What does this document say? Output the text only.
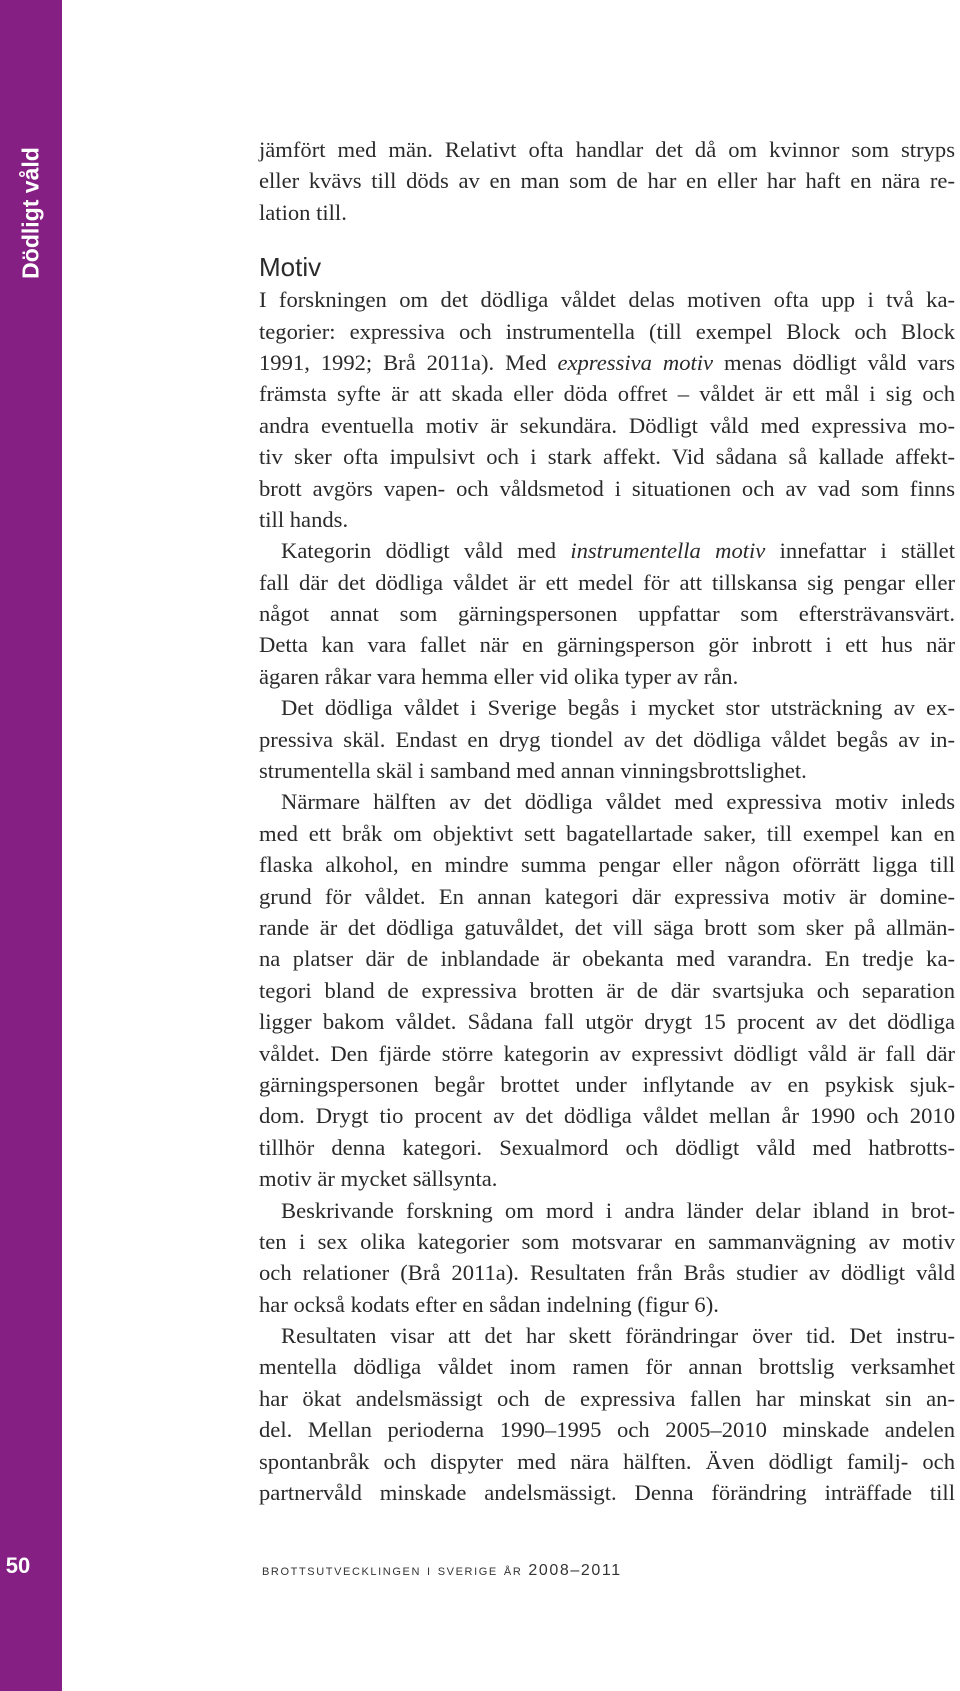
Dödligt våld
50
jämfört med män. Relativt ofta handlar det då om kvinnor som stryps
eller kvävs till döds av en man som de har en eller har haft en nära re-
lation till.
Motiv
I forskningen om det dödliga våldet delas motiven ofta upp i två ka-
tegorier: expressiva och instrumentella (till exempel Block och Block
1991, 1992; Brå 2011a). Med expressiva motiv menas dödligt våld vars
främsta syfte är att skada eller döda offret – våldet är ett mål i sig och
andra eventuella motiv är sekundära. Dödligt våld med expressiva mo-
tiv sker ofta impulsivt och i stark affekt. Vid sådana så kallade affekt-
brott avgörs vapen- och våldsmetod i situationen och av vad som finns
till hands.
Kategorin dödligt våld med instrumentella motiv innefattar i stället
fall där det dödliga våldet är ett medel för att tillskansa sig pengar eller
något annat som gärningspersonen uppfattar som eftersträvansvärt.
Detta kan vara fallet när en gärningsperson gör inbrott i ett hus när
ägaren råkar vara hemma eller vid olika typer av rån.
Det dödliga våldet i Sverige begås i mycket stor utsträckning av ex-
pressiva skäl. Endast en dryg tiondel av det dödliga våldet begås av in-
strumentella skäl i samband med annan vinningsbrottslighet.
Närmare hälften av det dödliga våldet med expressiva motiv inleds
med ett bråk om objektivt sett bagatellartade saker, till exempel kan en
flaska alkohol, en mindre summa pengar eller någon oförrätt ligga till
grund för våldet. En annan kategori där expressiva motiv är domine-
rande är det dödliga gatuvåldet, det vill säga brott som sker på allmän-
na platser där de inblandade är obekanta med varandra. En tredje ka-
tegori bland de expressiva brotten är de där svartsjuka och separation
ligger bakom våldet. Sådana fall utgör drygt 15 procent av det dödliga
våldet. Den fjärde större kategorin av expressivt dödligt våld är fall där
gärningspersonen begår brottet under inflytande av en psykisk sjuk-
dom. Drygt tio procent av det dödliga våldet mellan år 1990 och 2010
tillhör denna kategori. Sexualmord och dödligt våld med hatbrotts-
motiv är mycket sällsynta.
Beskrivande forskning om mord i andra länder delar ibland in brot-
ten i sex olika kategorier som motsvarar en sammanvägning av motiv
och relationer (Brå 2011a). Resultaten från Brås studier av dödligt våld
har också kodats efter en sådan indelning (figur 6).
Resultaten visar att det har skett förändringar över tid. Det instru-
mentella dödliga våldet inom ramen för annan brottslig verksamhet
har ökat andelsmässigt och de expressiva fallen har minskat sin an-
del. Mellan perioderna 1990–1995 och 2005–2010 minskade andelen
spontanbråk och dispyter med nära hälften. Även dödligt familj- och
partnervåld minskade andelsmässigt. Denna förändring inträffade till
brottsutvecklingen i sverige år 2008–2011
